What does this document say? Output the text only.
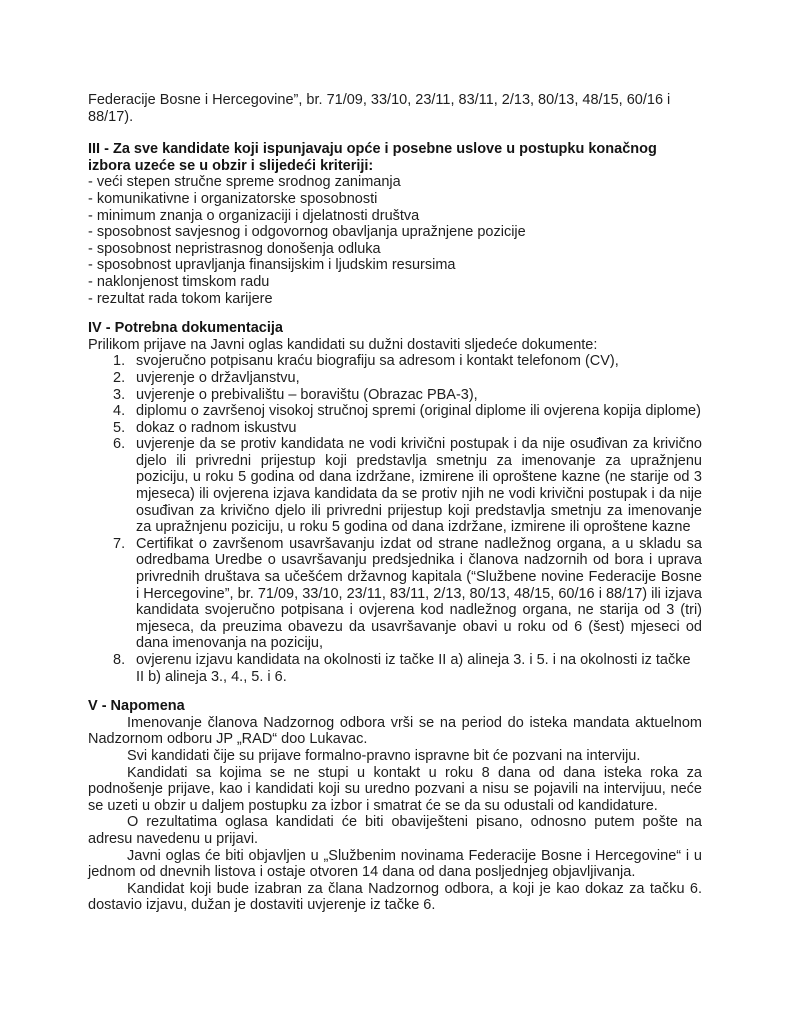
Federacije Bosne i Hercegovine”, br. 71/09, 33/10, 23/11, 83/11, 2/13, 80/13, 48/15, 60/16 i 88/17).

III - Za sve kandidate koji ispunjavaju opće i posebne uslove u postupku konačnog izbora uzeće se u obzir i slijedeći kriteriji:

- veći stepen stručne spreme srodnog zanimanja

- komunikativne i organizatorske sposobnosti

- minimum znanja o organizaciji i djelatnosti društva

- sposobnost savjesnog i odgovornog obavljanja upražnjene pozicije

- sposobnost nepristrasnog donošenja odluka

- sposobnost upravljanja finansijskim i ljudskim resursima

- naklonjenost timskom radu

- rezultat rada tokom karijere

IV - Potrebna dokumentacija

Prilikom prijave na Javni oglas kandidati su dužni dostaviti sljedeće dokumente:

1. svojeručno potpisanu kraću biografiju sa adresom i kontakt telefonom (CV),
2. uvjerenje o državljanstvu,
3. uvjerenje o prebivalištu – boravištu (Obrazac PBA-3),
4. diplomu o završenoj visokoj stručnoj spremi (original diplome ili ovjerena kopija diplome)
5. dokaz o radnom iskustvu
6. uvjerenje da se protiv kandidata ne vodi krivični postupak i da nije osuđivan za krivično djelo ili privredni prijestup koji predstavlja smetnju za imenovanje za upražnjenu poziciju, u roku 5 godina od dana izdržane, izmirene ili oproštene kazne (ne starije od 3 mjeseca) ili ovjerena izjava kandidata da se protiv njih ne vodi krivični postupak i da nije osuđivan za krivično djelo ili privredni prijestup koji predstavlja smetnju za imenovanje za upražnjenu poziciju, u roku 5 godina od dana izdržane, izmirene ili oproštene kazne
7. Certifikat o završenom usavršavanju izdat od strane nadležnog organa, a u skladu sa odredbama Uredbe o usavršavanju predsjednika i članova nadzornih od bora i uprava privrednih društava sa učešćem državnog kapitala (“Službene novine Federacije Bosne i Hercegovine”, br. 71/09, 33/10, 23/11, 83/11, 2/13, 80/13, 48/15, 60/16 i 88/17) ili izjava kandidata svojeručno potpisana i ovjerena kod nadležnog organa, ne starija od 3 (tri) mjeseca, da preuzima obavezu da usavršavanje obavi u roku od 6 (šest) mjeseci od dana imenovanja na poziciju,
8. ovjerenu izjavu kandidata na okolnosti iz tačke II a) alineja 3. i 5. i na okolnosti iz tačke II b) alineja 3., 4., 5. i 6.

V - Napomena

Imenovanje članova Nadzornog odbora vrši se na period do isteka mandata aktuelnom Nadzornom odboru JP „RAD“ doo Lukavac.

Svi kandidati čije su prijave formalno-pravno ispravne bit će pozvani na interviju.

Kandidati sa kojima se ne stupi u kontakt u roku 8 dana od dana isteka roka za podnošenje prijave, kao i kandidati koji su uredno pozvani a nisu se pojavili na intervijuu, neće se uzeti u obzir u daljem postupku za izbor i smatrat će se da su odustali od kandidature.

O rezultatima oglasa kandidati će biti obaviješteni pisano, odnosno putem pošte na adresu navedenu u prijavi.

Javni oglas će biti objavljen u „Službenim novinama Federacije Bosne i Hercegovine“ i u jednom od dnevnih listova i ostaje otvoren 14 dana od dana posljednjeg objavljivanja.

Kandidat koji bude izabran za člana Nadzornog odbora, a koji je kao dokaz za tačku 6. dostavio izjavu, dužan je dostaviti uvjerenje iz tačke 6.
